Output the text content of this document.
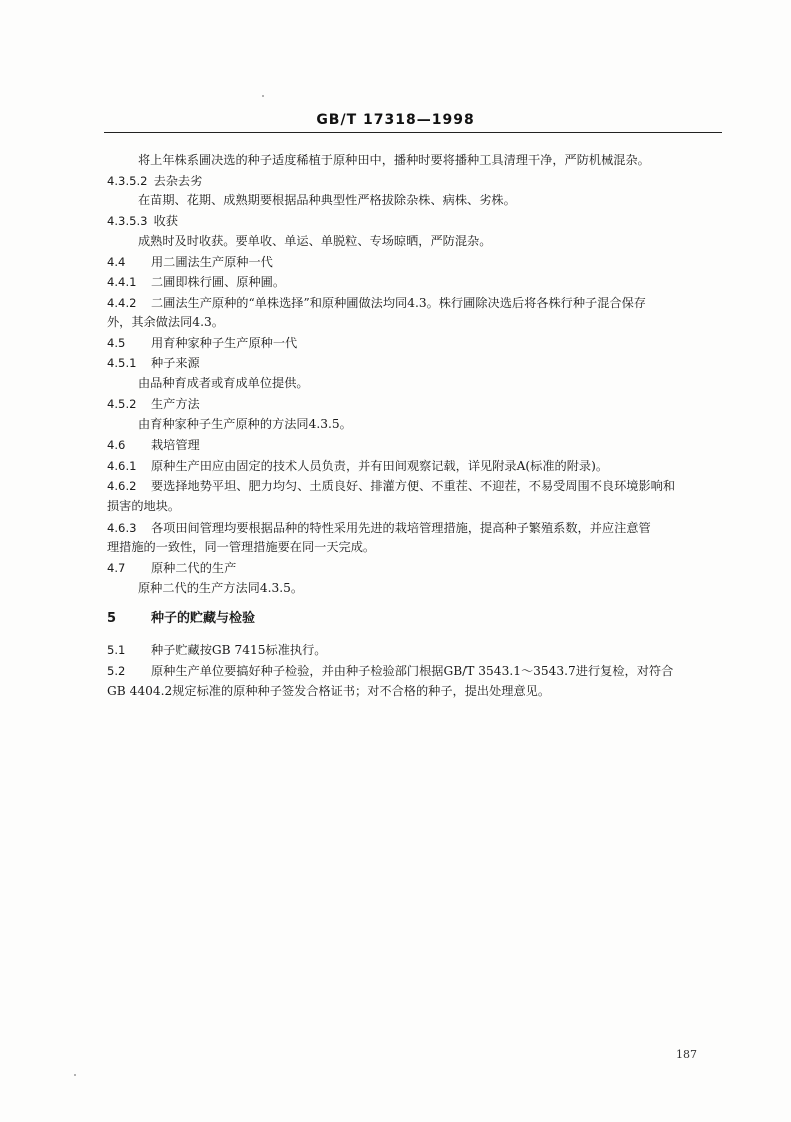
GB/T 17318—1998
将上年株系圃决选的种子适度稀植于原种田中，播种时要将播种工具清理干净，严防机械混杂。
4.3.5.2 去杂去劣
在苗期、花期、成熟期要根据品种典型性严格拔除杂株、病株、劣株。
4.3.5.3 收获
成熟时及时收获。要单收、单运、单脱粒、专场晾晒，严防混杂。
4.4 用二圃法生产原种一代
4.4.1 二圃即株行圃、原种圃。
4.4.2 二圃法生产原种的“单株选择”和原种圃做法均同4.3。株行圃除决选后将各株行种子混合保存
外，其余做法同4.3。
4.5 用育种家种子生产原种一代
4.5.1 种子来源
由品种育成者或育成单位提供。
4.5.2 生产方法
由育种家种子生产原种的方法同4.3.5。
4.6 栽培管理
4.6.1 原种生产田应由固定的技术人员负责，并有田间观察记载，详见附录A(标准的附录)。
4.6.2 要选择地势平坦、肥力均匀、土质良好、排灌方便、不重茬、不迎茬，不易受周围不良环境影响和
损害的地块。
4.6.3 各项田间管理均要根据品种的特性采用先进的栽培管理措施，提高种子繁殖系数，并应注意管
理措施的一致性，同一管理措施要在同一天完成。
4.7 原种二代的生产
原种二代的生产方法同4.3.5。
5	种子的贮藏与检验
5.1 种子贮藏按GB 7415标准执行。
5.2 原种生产单位要搞好种子检验，并由种子检验部门根据GB/T 3543.1～3543.7进行复检，对符合
GB 4404.2规定标准的原种种子签发合格证书；对不合格的种子，提出处理意见。
187
